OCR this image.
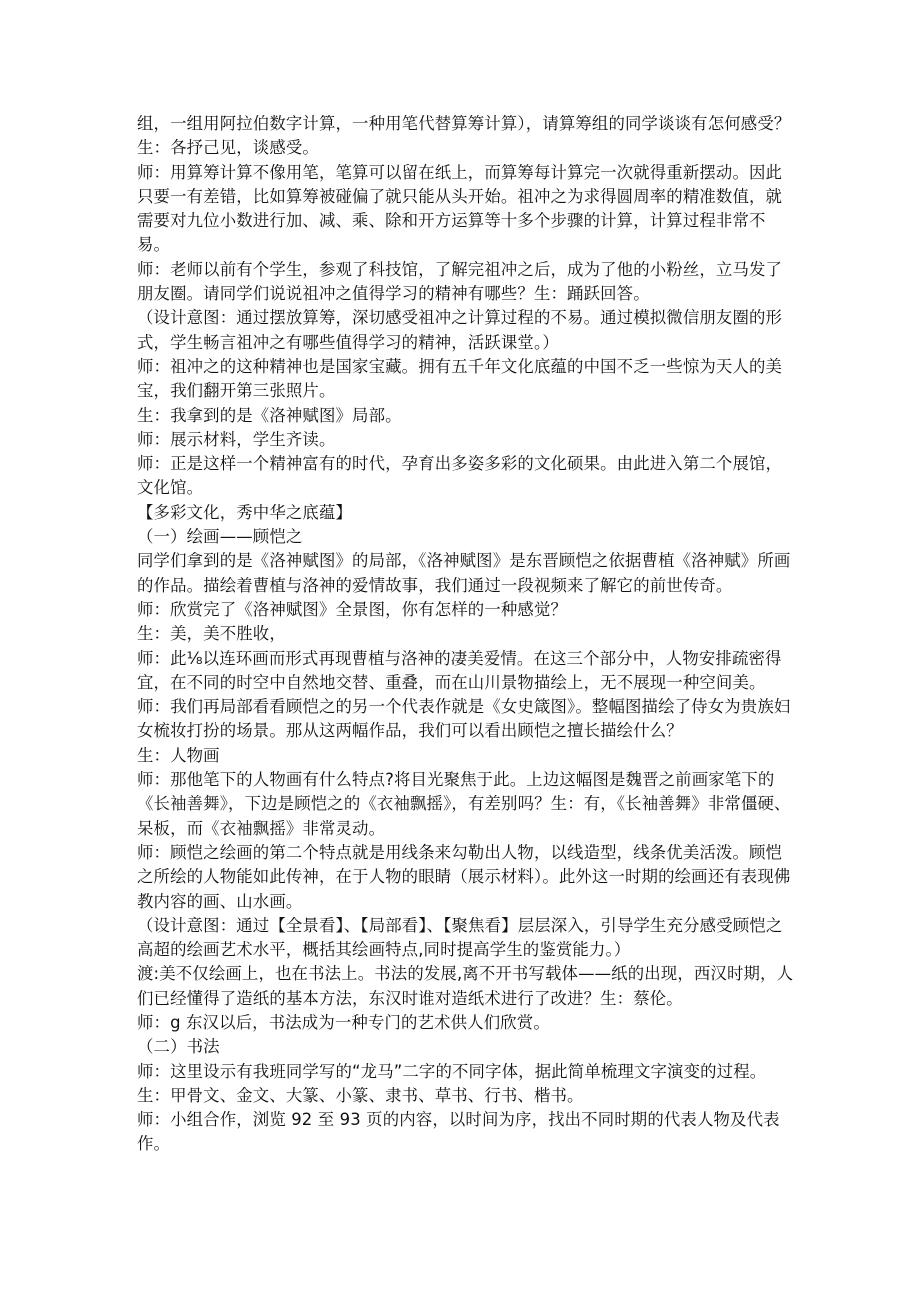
组，一组用阿拉伯数字计算，一种用笔代替算筹计算），请算筹组的同学谈谈有怎何感受？生：各抒己见，谈感受。

师：用算筹计算不像用笔，笔算可以留在纸上，而算筹每计算完一次就得重新摆动。因此只要一有差错，比如算筹被碰偏了就只能从头开始。祖冲之为求得圆周率的精准数值，就需要对九位小数进行加、减、乘、除和开方运算等十多个步骤的计算，计算过程非常不易。

师：老师以前有个学生，参观了科技馆，了解完祖冲之后，成为了他的小粉丝，立马发了朋友圈。请同学们说说祖冲之值得学习的精神有哪些？生：踊跃回答。

（设计意图：通过摆放算筹，深切感受祖冲之计算过程的不易。通过模拟微信朋友圈的形式，学生畅言祖冲之有哪些值得学习的精神，活跃课堂。）

师：祖冲之的这种精神也是国家宝藏。拥有五千年文化底蕴的中国不乏一些惊为天人的美宝，我们翻开第三张照片。

生：我拿到的是《洛神赋图》局部。

师：展示材料，学生齐读。

师：正是这样一个精神富有的时代，孕育出多姿多彩的文化硕果。由此进入第二个展馆，文化馆。

【多彩文化，秀中华之底蕴】

（一）绘画——顾恺之

同学们拿到的是《洛神赋图》的局部，《洛神赋图》是东晋顾恺之依据曹植《洛神赋》所画的作品。描绘着曹植与洛神的爱情故事，我们通过一段视频来了解它的前世传奇。

师：欣赏完了《洛神赋图》全景图，你有怎样的一种感觉？

生：美，美不胜收，

师：此⅛以连环画而形式再现曹植与洛神的凄美爱情。在这三个部分中，人物安排疏密得宜，在不同的时空中自然地交替、重叠，而在山川景物描绘上，无不展现一种空间美。

师：我们再局部看看顾恺之的另一个代表作就是《女史箴图》。整幅图描绘了侍女为贵族妇女梳妆打扮的场景。那从这两幅作品，我们可以看出顾恺之擅长描绘什么？

生：人物画

师：那他笔下的人物画有什么特点?将目光聚焦于此。上边这幅图是魏晋之前画家笔下的《长袖善舞》，下边是顾恺之的《衣袖飘摇》，有差别吗？生：有，《长袖善舞》非常僵硬、呆板，而《衣袖飘摇》非常灵动。

师：顾恺之绘画的第二个特点就是用线条来勾勒出人物，以线造型，线条优美活泼。顾恺之所绘的人物能如此传神，在于人物的眼睛（展示材料）。此外这一时期的绘画还有表现佛教内容的画、山水画。

（设计意图：通过【全景看】、【局部看】、【聚焦看】层层深入，引导学生充分感受顾恺之高超的绘画艺术水平，概括其绘画特点,同时提高学生的鉴赏能力。）

渡:美不仅绘画上，也在书法上。书法的发展,离不开书写载体——纸的出现，西汉时期，人们已经懂得了造纸的基本方法，东汉时谁对造纸术进行了改进？生：蔡伦。

师：g 东汉以后，书法成为一种专门的艺术供人们欣赏。

（二）书法

师：这里设示有我班同学写的“龙马”二字的不同字体，据此简单梳理文字演变的过程。

生：甲骨文、金文、大篆、小篆、隶书、草书、行书、楷书。

师：小组合作，浏览 92 至 93 页的内容，以时间为序，找出不同时期的代表人物及代表作。
